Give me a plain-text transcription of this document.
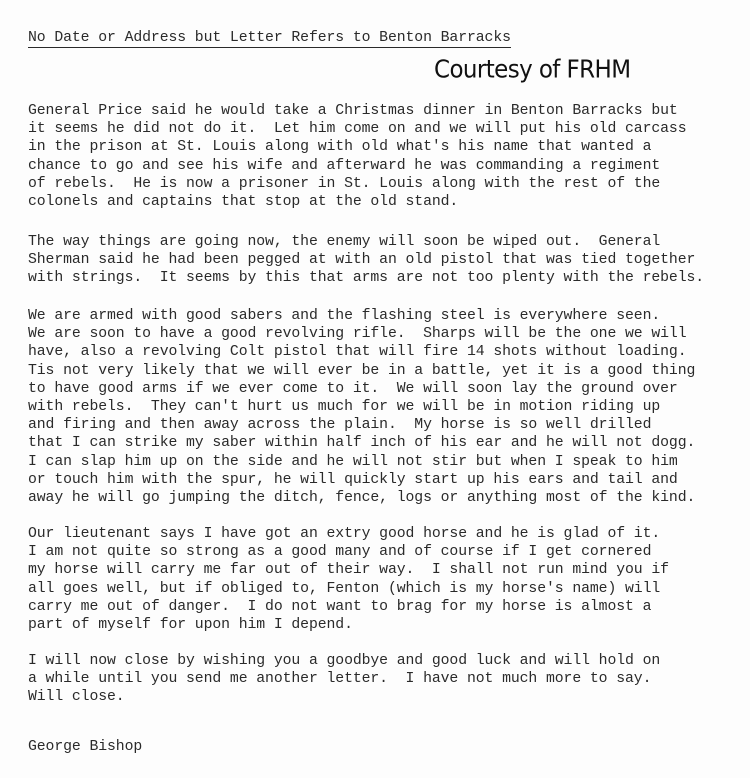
No Date or Address but Letter Refers to Benton Barracks
Courtesy of FRHM

General Price said he would take a Christmas dinner in Benton Barracks but
it seems he did not do it.  Let him come on and we will put his old carcass
in the prison at St. Louis along with old what's his name that wanted a
chance to go and see his wife and afterward he was commanding a regiment
of rebels.  He is now a prisoner in St. Louis along with the rest of the
colonels and captains that stop at the old stand.

The way things are going now, the enemy will soon be wiped out.  General
Sherman said he had been pegged at with an old pistol that was tied together
with strings.  It seems by this that arms are not too plenty with the rebels.

We are armed with good sabers and the flashing steel is everywhere seen.
We are soon to have a good revolving rifle.  Sharps will be the one we will
have, also a revolving Colt pistol that will fire 14 shots without loading.
Tis not very likely that we will ever be in a battle, yet it is a good thing
to have good arms if we ever come to it.  We will soon lay the ground over
with rebels.  They can't hurt us much for we will be in motion riding up
and firing and then away across the plain.  My horse is so well drilled
that I can strike my saber within half inch of his ear and he will not dogg.
I can slap him up on the side and he will not stir but when I speak to him
or touch him with the spur, he will quickly start up his ears and tail and
away he will go jumping the ditch, fence, logs or anything most of the kind.

Our lieutenant says I have got an extry good horse and he is glad of it.
I am not quite so strong as a good many and of course if I get cornered
my horse will carry me far out of their way.  I shall not run mind you if
all goes well, but if obliged to, Fenton (which is my horse's name) will
carry me out of danger.  I do not want to brag for my horse is almost a
part of myself for upon him I depend.

I will now close by wishing you a goodbye and good luck and will hold on
a while until you send me another letter.  I have not much more to say.
Will close.

George Bishop
